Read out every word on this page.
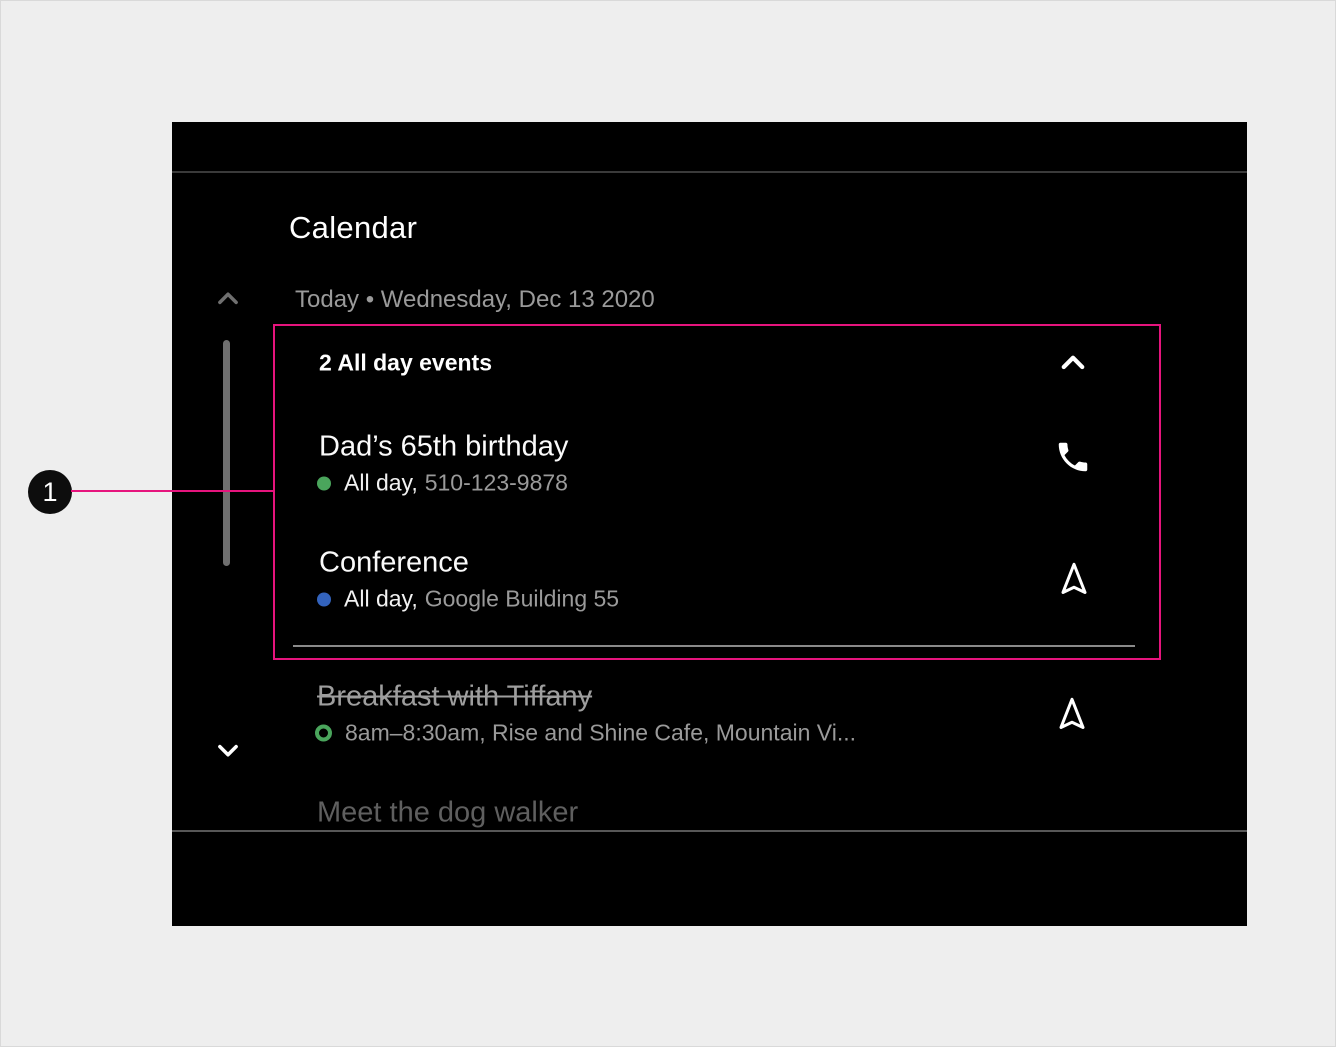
1
Calendar
Today • Wednesday, Dec 13 2020
2 All day events
Dad’s 65th birthday
All day, 510-123-9878
Conference
All day, Google Building 55
Breakfast with Tiffany
8am–8:30am, Rise and Shine Cafe, Mountain Vi...
Meet the dog walker
